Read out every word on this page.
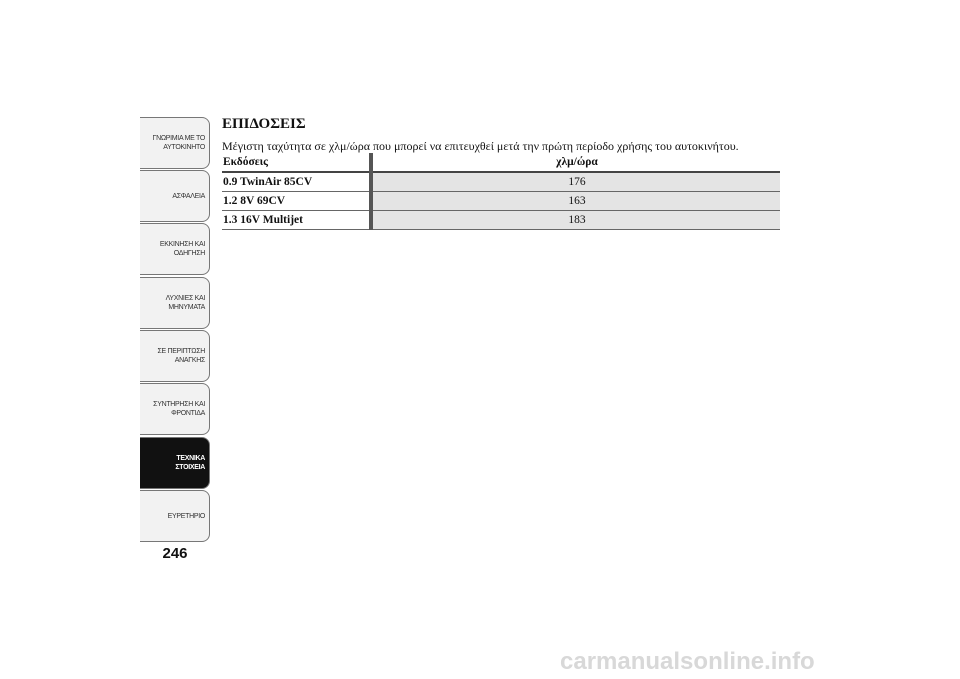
ΓΝΩΡΙΜΙΑ ΜΕ ΤΟ
ΑΥΤΟΚΙΝΗΤΟ
ΑΣΦΑΛΕΙΑ
ΕΚΚΙΝΗΣΗ ΚΑΙ
ΟΔΗΓΗΣΗ
ΛΥΧΝΙΕΣ ΚΑΙ
ΜΗΝΥΜΑΤΑ
ΣΕ ΠΕΡΙΠΤΩΣΗ
ΑΝΑΓΚΗΣ
ΣΥΝΤΗΡΗΣΗ ΚΑΙ
ΦΡΟΝΤΙΔΑ
ΤΕΧΝΙΚΑ
ΣΤΟΙΧΕΙΑ
ΕΥΡΕΤΗΡΙΟ
246
ΕΠΙΔΟΣΕΙΣ
Μέγιστη ταχύτητα σε χλμ/ώρα που μπορεί να επιτευχθεί μετά την πρώτη περίοδο χρήσης του αυτοκινήτου.
Εκδόσεις	χλμ/ώρα
0.9 TwinAir 85CV	176
1.2 8V 69CV	163
1.3 16V Multijet	183
carmanualsonline.info
